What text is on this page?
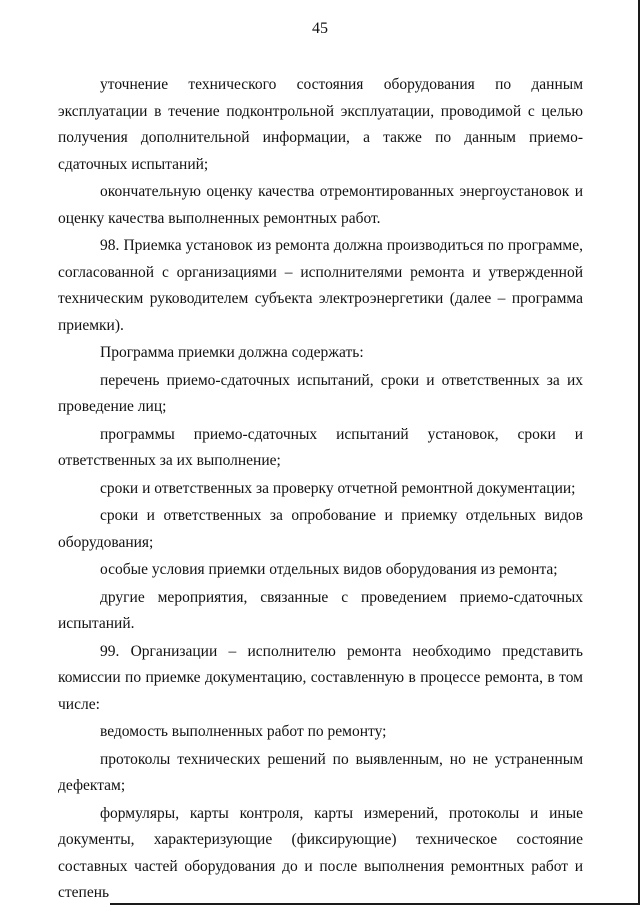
45

уточнение технического состояния оборудования по данным эксплуатации в течение подконтрольной эксплуатации, проводимой с целью получения дополнительной информации, а также по данным приемо-сдаточных испытаний;

окончательную оценку качества отремонтированных энергоустановок и оценку качества выполненных ремонтных работ.

98. Приемка установок из ремонта должна производиться по программе, согласованной с организациями – исполнителями ремонта и утвержденной техническим руководителем субъекта электроэнергетики (далее – программа приемки).

Программа приемки должна содержать:

перечень приемо-сдаточных испытаний, сроки и ответственных за их проведение лиц;

программы приемо-сдаточных испытаний установок, сроки и ответственных за их выполнение;

сроки и ответственных за проверку отчетной ремонтной документации;

сроки и ответственных за опробование и приемку отдельных видов оборудования;

особые условия приемки отдельных видов оборудования из ремонта;

другие мероприятия, связанные с проведением приемо-сдаточных испытаний.

99. Организации – исполнителю ремонта необходимо представить комиссии по приемке документацию, составленную в процессе ремонта, в том числе:

ведомость выполненных работ по ремонту;

протоколы технических решений по выявленным, но не устраненным дефектам;

формуляры, карты контроля, карты измерений, протоколы и иные документы, характеризующие (фиксирующие) техническое состояние составных частей оборудования до и после выполнения ремонтных работ и степень
